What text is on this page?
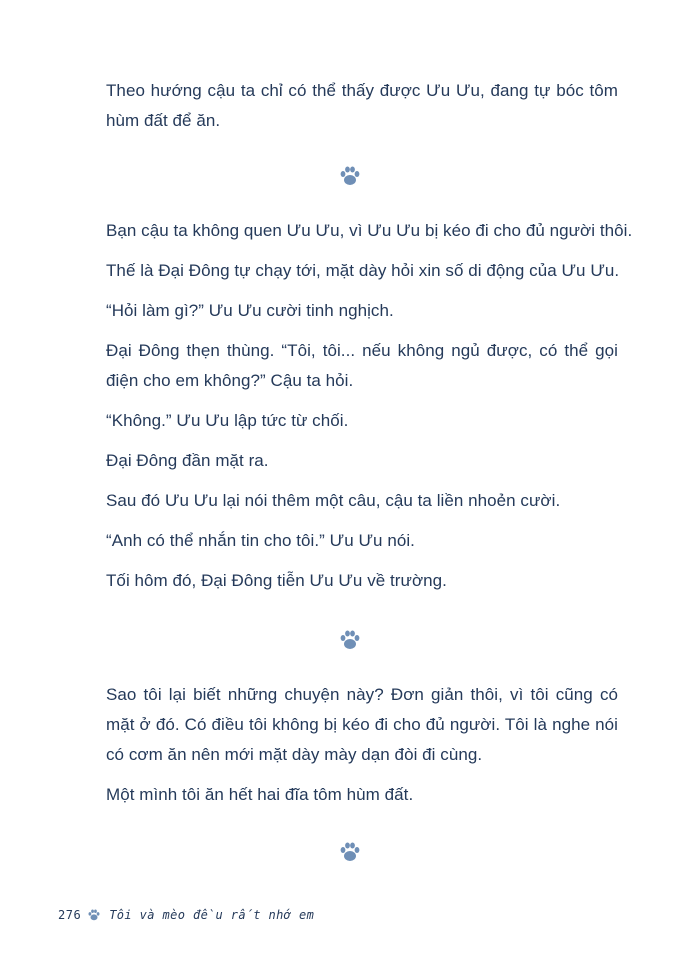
Theo hướng cậu ta chỉ có thể thấy được Ưu Ưu, đang tự bóc tôm hùm đất để ăn.

Bạn cậu ta không quen Ưu Ưu, vì Ưu Ưu bị kéo đi cho đủ người thôi.

Thế là Đại Đông tự chạy tới, mặt dày hỏi xin số di động của Ưu Ưu.

“Hỏi làm gì?” Ưu Ưu cười tinh nghịch.

Đại Đông thẹn thùng. “Tôi, tôi... nếu không ngủ được, có thể gọi điện cho em không?” Cậu ta hỏi.

“Không.” Ưu Ưu lập tức từ chối.

Đại Đông đần mặt ra.

Sau đó Ưu Ưu lại nói thêm một câu, cậu ta liền nhoẻn cười.

“Anh có thể nhắn tin cho tôi.” Ưu Ưu nói.

Tối hôm đó, Đại Đông tiễn Ưu Ưu về trường.

Sao tôi lại biết những chuyện này? Đơn giản thôi, vì tôi cũng có mặt ở đó. Có điều tôi không bị kéo đi cho đủ người. Tôi là nghe nói có cơm ăn nên mới mặt dày mày dạn đòi đi cùng.

Một mình tôi ăn hết hai đĩa tôm hùm đất.

276 Tôi và mèo đều rất nhớ em
